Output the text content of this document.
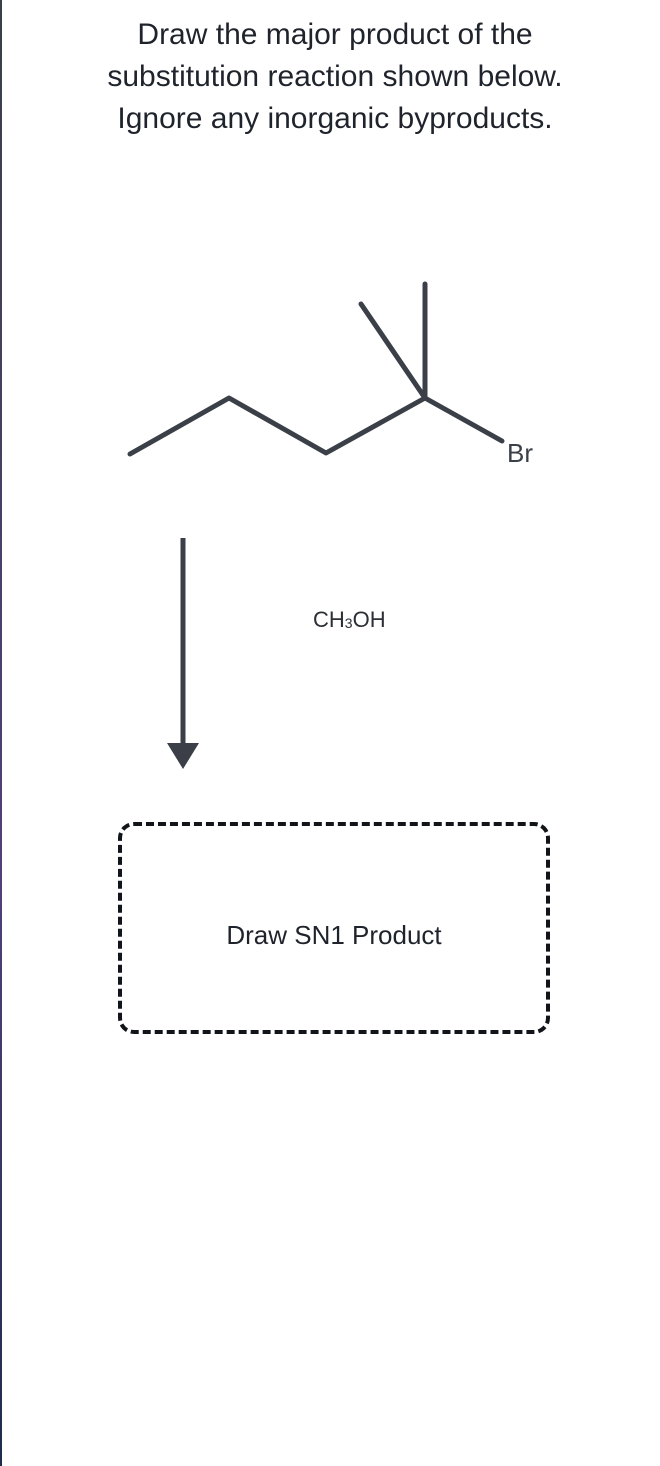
Draw the major product of the
substitution reaction shown below.
Ignore any inorganic byproducts.
Br
$CH_3OH$
Draw SN1 Product
